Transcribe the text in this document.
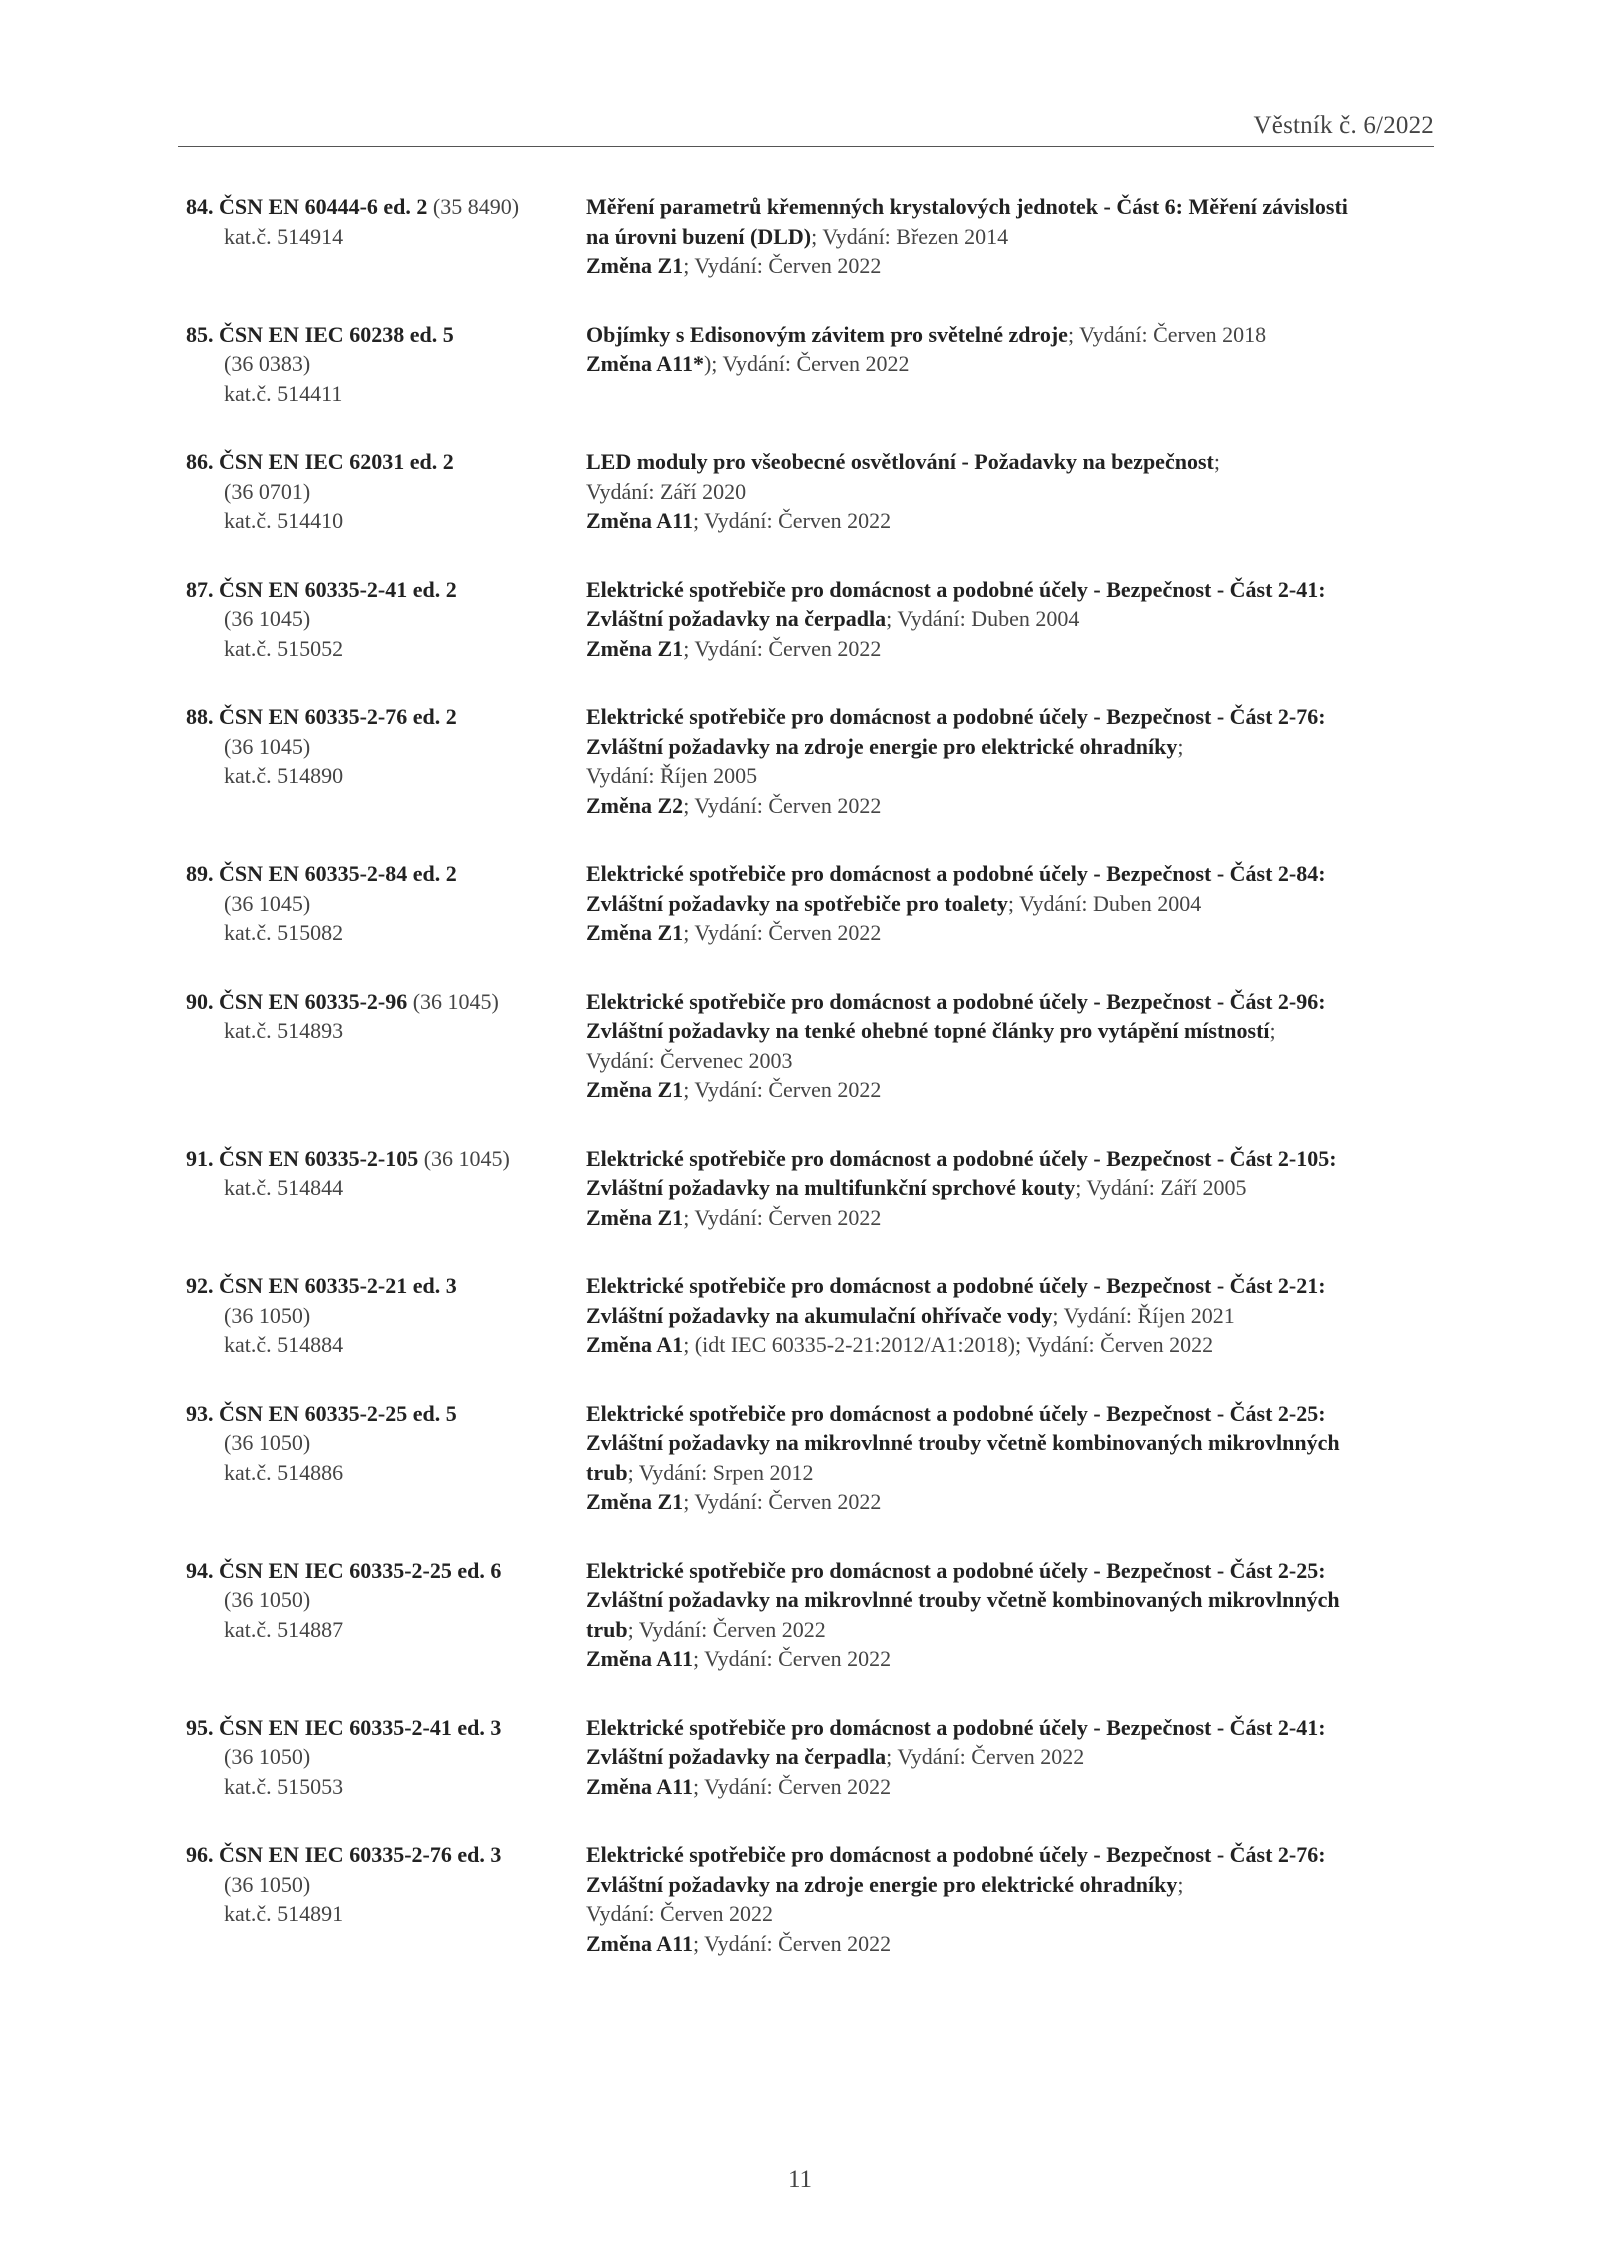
Věstník č. 6/2022
84. ČSN EN 60444-6 ed. 2 (35 8490)
kat.č. 514914
Měření parametrů křemenných krystalových jednotek - Část 6: Měření závislosti
na úrovni buzení (DLD); Vydání: Březen 2014
Změna Z1; Vydání: Červen 2022
85. ČSN EN IEC 60238 ed. 5
(36 0383)
kat.č. 514411
Objímky s Edisonovým závitem pro světelné zdroje; Vydání: Červen 2018
Změna A11*); Vydání: Červen 2022
86. ČSN EN IEC 62031 ed. 2
(36 0701)
kat.č. 514410
LED moduly pro všeobecné osvětlování - Požadavky na bezpečnost;
Vydání: Září 2020
Změna A11; Vydání: Červen 2022
87. ČSN EN 60335-2-41 ed. 2
(36 1045)
kat.č. 515052
Elektrické spotřebiče pro domácnost a podobné účely - Bezpečnost - Část 2-41:
Zvláštní požadavky na čerpadla; Vydání: Duben 2004
Změna Z1; Vydání: Červen 2022
88. ČSN EN 60335-2-76 ed. 2
(36 1045)
kat.č. 514890
Elektrické spotřebiče pro domácnost a podobné účely - Bezpečnost - Část 2-76:
Zvláštní požadavky na zdroje energie pro elektrické ohradníky;
Vydání: Říjen 2005
Změna Z2; Vydání: Červen 2022
89. ČSN EN 60335-2-84 ed. 2
(36 1045)
kat.č. 515082
Elektrické spotřebiče pro domácnost a podobné účely - Bezpečnost - Část 2-84:
Zvláštní požadavky na spotřebiče pro toalety; Vydání: Duben 2004
Změna Z1; Vydání: Červen 2022
90. ČSN EN 60335-2-96 (36 1045)
kat.č. 514893
Elektrické spotřebiče pro domácnost a podobné účely - Bezpečnost - Část 2-96:
Zvláštní požadavky na tenké ohebné topné články pro vytápění místností;
Vydání: Červenec 2003
Změna Z1; Vydání: Červen 2022
91. ČSN EN 60335-2-105 (36 1045)
kat.č. 514844
Elektrické spotřebiče pro domácnost a podobné účely - Bezpečnost - Část 2-105:
Zvláštní požadavky na multifunkční sprchové kouty; Vydání: Září 2005
Změna Z1; Vydání: Červen 2022
92. ČSN EN 60335-2-21 ed. 3
(36 1050)
kat.č. 514884
Elektrické spotřebiče pro domácnost a podobné účely - Bezpečnost - Část 2-21:
Zvláštní požadavky na akumulační ohřívače vody; Vydání: Říjen 2021
Změna A1; (idt IEC 60335-2-21:2012/A1:2018); Vydání: Červen 2022
93. ČSN EN 60335-2-25 ed. 5
(36 1050)
kat.č. 514886
Elektrické spotřebiče pro domácnost a podobné účely - Bezpečnost - Část 2-25:
Zvláštní požadavky na mikrovlnné trouby včetně kombinovaných mikrovlnných
trub; Vydání: Srpen 2012
Změna Z1; Vydání: Červen 2022
94. ČSN EN IEC 60335-2-25 ed. 6
(36 1050)
kat.č. 514887
Elektrické spotřebiče pro domácnost a podobné účely - Bezpečnost - Část 2-25:
Zvláštní požadavky na mikrovlnné trouby včetně kombinovaných mikrovlnných
trub; Vydání: Červen 2022
Změna A11; Vydání: Červen 2022
95. ČSN EN IEC 60335-2-41 ed. 3
(36 1050)
kat.č. 515053
Elektrické spotřebiče pro domácnost a podobné účely - Bezpečnost - Část 2-41:
Zvláštní požadavky na čerpadla; Vydání: Červen 2022
Změna A11; Vydání: Červen 2022
96. ČSN EN IEC 60335-2-76 ed. 3
(36 1050)
kat.č. 514891
Elektrické spotřebiče pro domácnost a podobné účely - Bezpečnost - Část 2-76:
Zvláštní požadavky na zdroje energie pro elektrické ohradníky;
Vydání: Červen 2022
Změna A11; Vydání: Červen 2022
11
